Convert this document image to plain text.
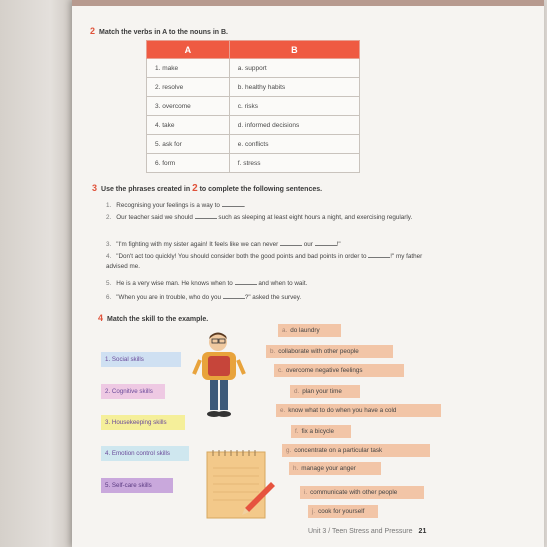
2 Match the verbs in A to the nouns in B.
A	B
1. make	a. support
2. resolve	b. healthy habits
3. overcome	c. risks
4. take	d. informed decisions
5. ask for	e. conflicts
6. form	f. stress
3 Use the phrases created in 2 to complete the following sentences.
1. Recognising your feelings is a way to	.
2. Our teacher said we should	such as sleeping at least eight hours a night, and exercising regularly.
3. "I'm fighting with my sister again! It feels like we can never	our	!"
4. "Don't act too quickly! You should consider both the good points and bad points in order to	!" my father advised me.
5. He is a very wise man. He knows when to	and when to wait.
6. "When you are in trouble, who do you	?" asked the survey.
4 Match the skill to the example.
1. Social skills
2. Cognitive skills
3. Housekeeping skills
4. Emotion control skills
5. Self-care skills
a. do laundry
b. collaborate with other people
c. overcome negative feelings
d. plan your time
e. know what to do when you have a cold
f. fix a bicycle
g. concentrate on a particular task
h. manage your anger
i. communicate with other people
j. cook for yourself
Unit 3 / Teen Stress and Pressure 21
